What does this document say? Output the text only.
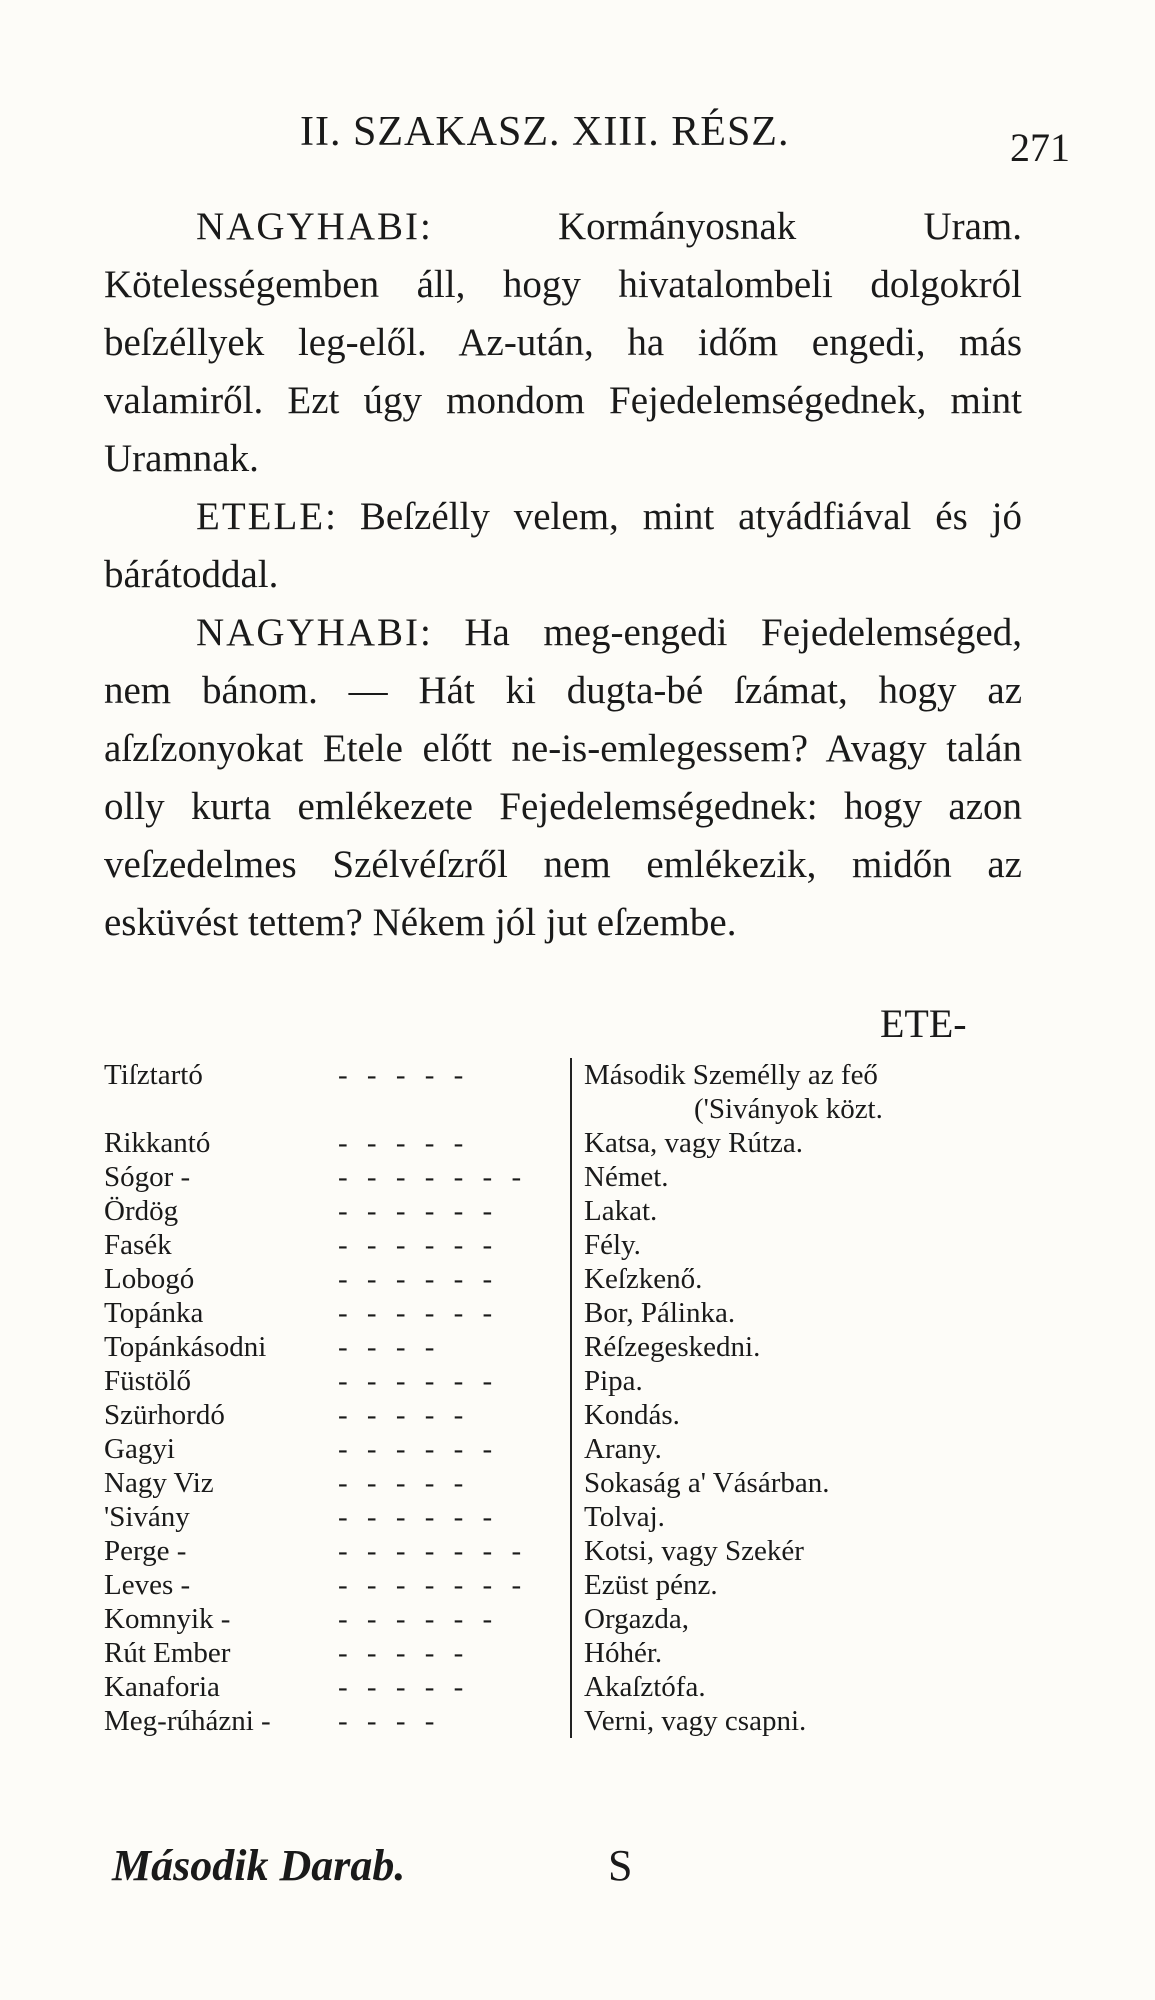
II. SZAKASZ. XIII. RÉSZ.	271

NAGYHABI: Kormányosnak Uram. Kötelességemben áll, hogy hivatalombeli dolgokról beſzéllyek leg-elől. Az-után, ha időm engedi, más valamiről. Ezt úgy mondom Fejedelemségednek, mint Uramnak.

ETELE: Beſzélly velem, mint atyádfiával és jó bárátoddal.

NAGYHABI: Ha meg-engedi Fejedelemséged, nem bánom. — Hát ki dugta-bé ſzámat, hogy az aſzſzonyokat Etele előtt ne-is-emlegessem? Avagy talán olly kurta emlékezete Fejedelemségednek: hogy azon veſzedelmes Szélvéſzről nem emlékezik, midőn az esküvést tettem? Nékem jól jut eſzembe.

ETE-
Tiſztartó	- - - - -	Második Személly az feő
('Siványok közt.
Rikkantó	- - - - -	Katsa, vagy Rútza.
Sógor -	- - - - - - -	Német.
Ördög	- - - - - -	Lakat.
Fasék	- - - - - -	Fély.
Lobogó	- - - - - -	Keſzkenő.
Topánka	- - - - - -	Bor, Pálinka.
Topánkásodni	- - - -	Réſzegeskedni.
Füstölő	- - - - - -	Pipa.
Szürhordó	- - - - -	Kondás.
Gagyi	- - - - - -	Arany.
Nagy Viz	- - - - -	Sokaság a' Vásárban.
'Sivány	- - - - - -	Tolvaj.
Perge -	- - - - - - -	Kotsi, vagy Szekér
Leves -	- - - - - - -	Ezüst pénz.
Komnyik -	- - - - - -	Orgazda,
Rút Ember	- - - - -	Hóhér.
Kanaforia	- - - - -	Akaſztófa.
Meg-rúházni -	- - - -	Verni, vagy csapni.
Második Darab.	S
